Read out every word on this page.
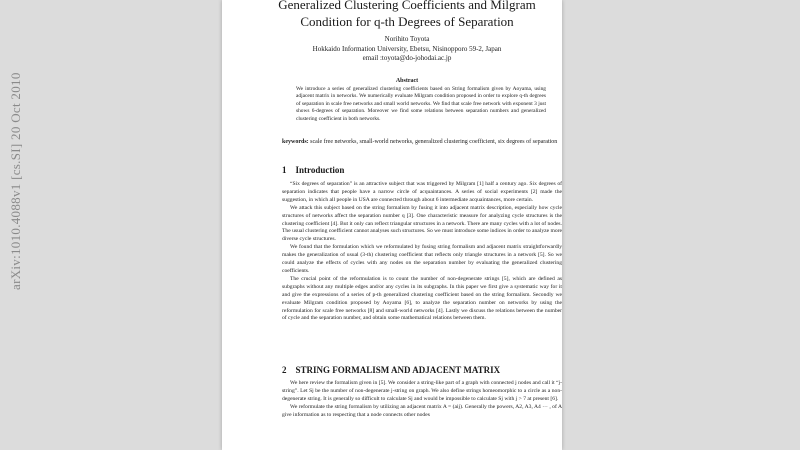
arXiv:1010.4088v1 [cs.SI] 20 Oct 2010
Generalized Clustering Coefficients and Milgram Condition for q-th Degrees of Separation
Norihito Toyota
Hokkaido Information University, Ebetsu, Nisinopporo 59-2, Japan
email :toyota@do-johodai.ac.jp
Abstract
We introduce a series of generalized clustering coefficients based on String formalism given by Aoyama, using adjacent matrix in networks. We numerically evaluate Milgram condition proposed in order to explore q-th degrees of separation in scale free networks and small world networks. We find that scale free network with exponent 3 just shows 6-degrees of separation. Moreover we find some relations between separation numbers and generalized clustering coefficient in both networks.
keywords: scale free networks, small-world networks, generalized clustering coefficient, six degrees of separation
1 Introduction

“Six degrees of separation” is an attractive subject that was triggered by Milgram [1] half a century ago. Six degrees of separation indicates that people have a narrow circle of acquaintances. A series of social experiments [2] made the suggestion, in which all people in USA are connected through about 6 intermediate acquaintances, more certain.

We attack this subject based on the string formalism by fusing it into adjacent matrix description, especially how cycle structures of networks affect the separation number q [3]. One characteristic measure for analyzing cycle structures is the clustering coefficient [4]. But it only can reflect triangular structures in a network. There are many cycles with a lot of nodes. The usual clustering coefficient cannot analyses such structures. So we must introduce some indices in order to analyze more diverse cycle structures.

We found that the formulation which we reformulated by fusing string formalism and adjacent matrix straightforwardly makes the generalization of usual (3-th) clustering coefficient that reflects only triangle structures in a network [5]. So we could analyze the effects of cycles with any nodes on the separation number by evaluating the generalized clustering coefficients.

The crucial point of the reformulation is to count the number of non-degenerate strings [5], which are defined as subgraphs without any multiple edges and/or any cycles in its subgraphs. In this paper we first give a systematic way for it and give the expressions of a series of p-th generalized clustering coefficient based on the string formalism. Secondly we evaluate Milgram condition proposed by Aoyama [6], to analyze the separation number on networks by using the reformulation for scale free networks [8] and small-world networks [4]. Lastly we discuss the relations between the number of cycle and the separation number, and obtain some mathematical relations between them.

2 STRING FORMALISM AND ADJACENT MATRIX

We here review the formalism given in [5]. We consider a string-like part of a graph with connected j nodes and call it “j-string”. Let Sj be the number of non-degenerate j-string on graph. We also define strings homeomorphic to a circle as a non-degenerate string. It is generally so difficult to calculate Sj and would be impossible to calculate Sj with j > 7 at present [6].

We reformulate the string formalism by utilizing an adjacent matrix A = (aij). Generally the powers, A2, A3, A4 ··· , of A give information as to respecting that a node connects other nodes
